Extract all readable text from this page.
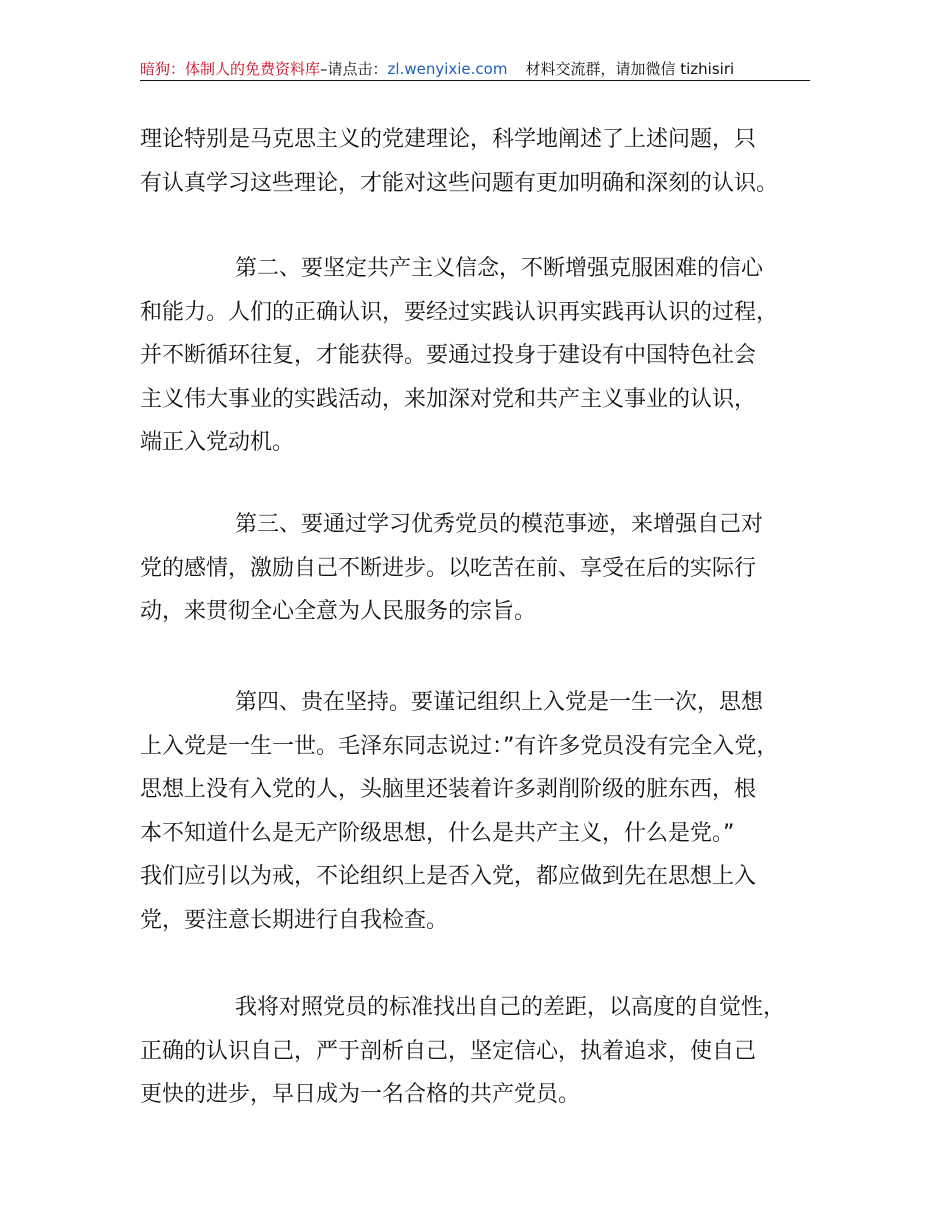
暗狗：体制人的免费资料库–请点击：zl.wenyixie.com 材料交流群，请加微信 tizhisiri
理论特别是马克思主义的党建理论，科学地阐述了上述问题，只
有认真学习这些理论，才能对这些问题有更加明确和深刻的认识。
第二、要坚定共产主义信念，不断增强克服困难的信心
和能力。人们的正确认识，要经过实践认识再实践再认识的过程，
并不断循环往复，才能获得。要通过投身于建设有中国特色社会
主义伟大事业的实践活动，来加深对党和共产主义事业的认识，
端正入党动机。
第三、要通过学习优秀党员的模范事迹，来增强自己对
党的感情，激励自己不断进步。以吃苦在前、享受在后的实际行
动，来贯彻全心全意为人民服务的宗旨。
第四、贵在坚持。要谨记组织上入党是一生一次，思想
上入党是一生一世。毛泽东同志说过：”有许多党员没有完全入党，
思想上没有入党的人，头脑里还装着许多剥削阶级的脏东西，根
本不知道什么是无产阶级思想，什么是共产主义，什么是党。”
我们应引以为戒，不论组织上是否入党，都应做到先在思想上入
党，要注意长期进行自我检查。
我将对照党员的标准找出自己的差距，以高度的自觉性，
正确的认识自己，严于剖析自己，坚定信心，执着追求，使自己
更快的进步，早日成为一名合格的共产党员。
